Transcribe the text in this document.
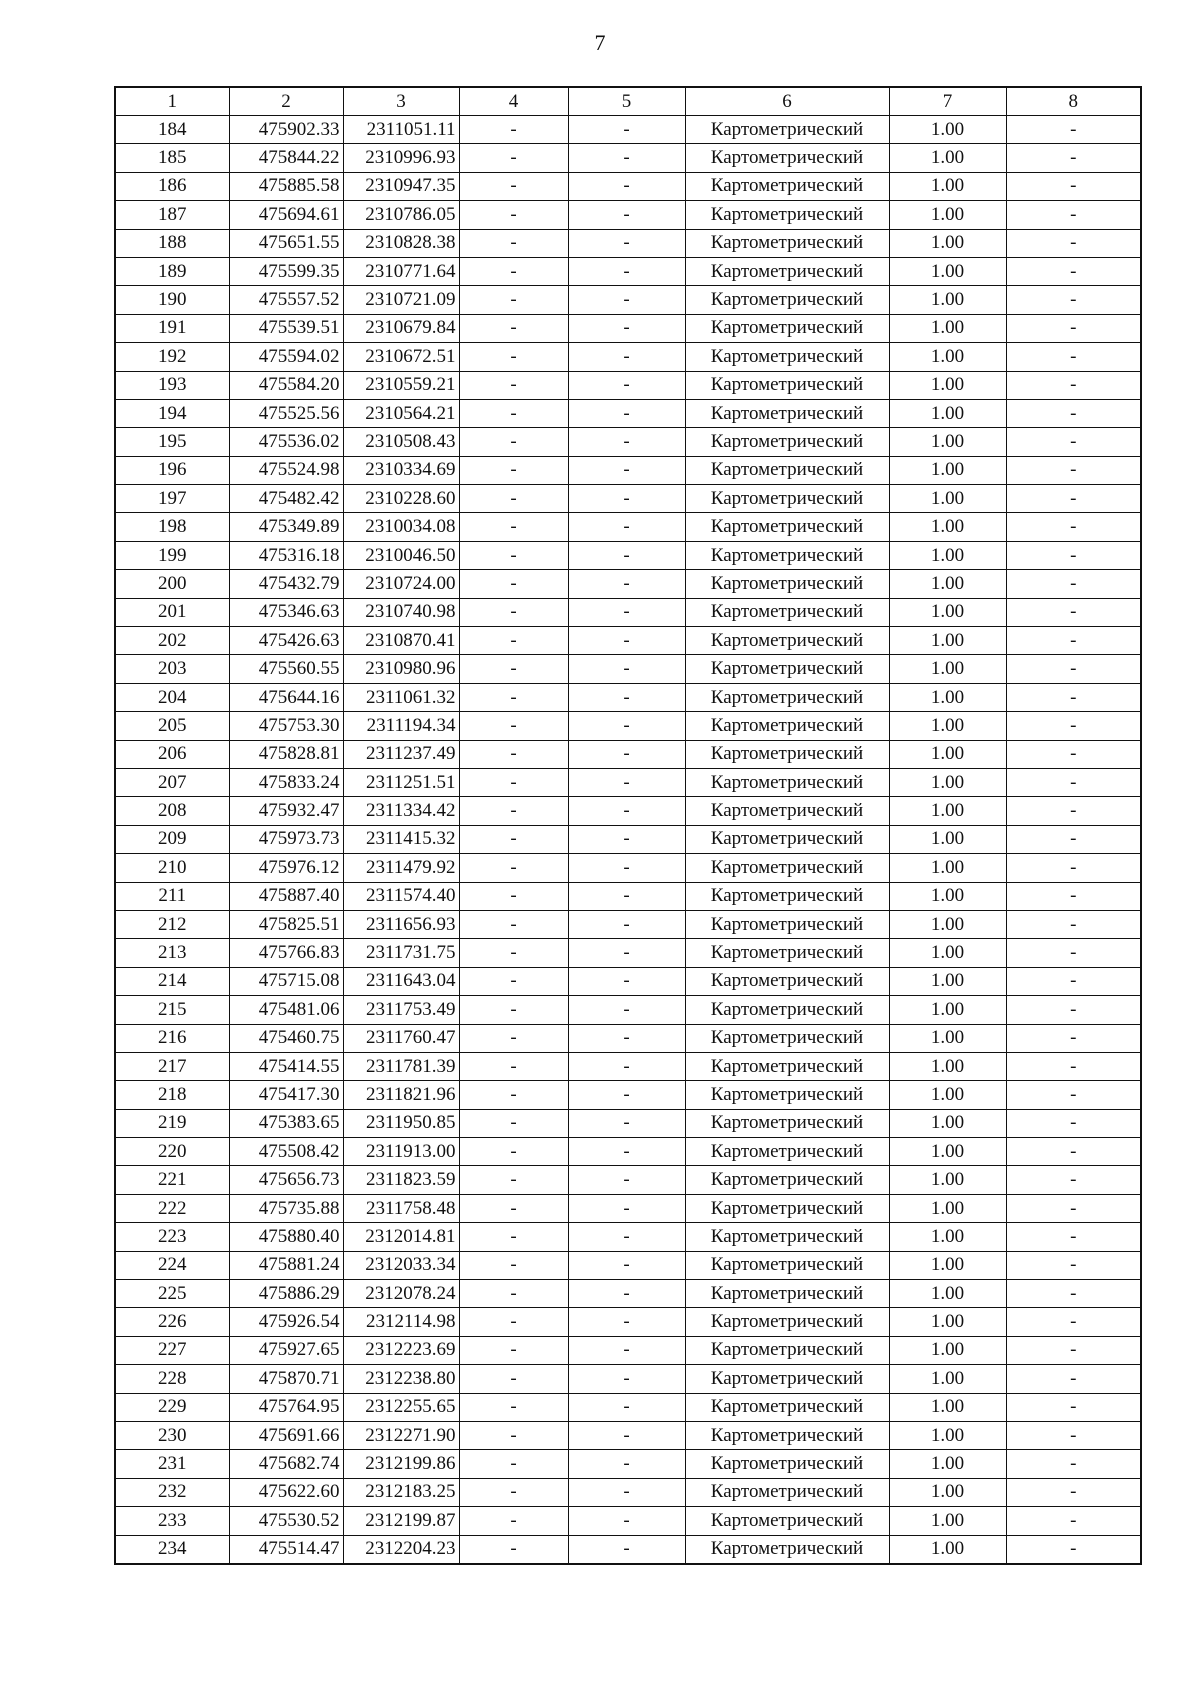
7
1	2	3	4	5	6	7	8
184	475902.33	2311051.11	-	-	Картометрический	1.00	-
185	475844.22	2310996.93	-	-	Картометрический	1.00	-
186	475885.58	2310947.35	-	-	Картометрический	1.00	-
187	475694.61	2310786.05	-	-	Картометрический	1.00	-
188	475651.55	2310828.38	-	-	Картометрический	1.00	-
189	475599.35	2310771.64	-	-	Картометрический	1.00	-
190	475557.52	2310721.09	-	-	Картометрический	1.00	-
191	475539.51	2310679.84	-	-	Картометрический	1.00	-
192	475594.02	2310672.51	-	-	Картометрический	1.00	-
193	475584.20	2310559.21	-	-	Картометрический	1.00	-
194	475525.56	2310564.21	-	-	Картометрический	1.00	-
195	475536.02	2310508.43	-	-	Картометрический	1.00	-
196	475524.98	2310334.69	-	-	Картометрический	1.00	-
197	475482.42	2310228.60	-	-	Картометрический	1.00	-
198	475349.89	2310034.08	-	-	Картометрический	1.00	-
199	475316.18	2310046.50	-	-	Картометрический	1.00	-
200	475432.79	2310724.00	-	-	Картометрический	1.00	-
201	475346.63	2310740.98	-	-	Картометрический	1.00	-
202	475426.63	2310870.41	-	-	Картометрический	1.00	-
203	475560.55	2310980.96	-	-	Картометрический	1.00	-
204	475644.16	2311061.32	-	-	Картометрический	1.00	-
205	475753.30	2311194.34	-	-	Картометрический	1.00	-
206	475828.81	2311237.49	-	-	Картометрический	1.00	-
207	475833.24	2311251.51	-	-	Картометрический	1.00	-
208	475932.47	2311334.42	-	-	Картометрический	1.00	-
209	475973.73	2311415.32	-	-	Картометрический	1.00	-
210	475976.12	2311479.92	-	-	Картометрический	1.00	-
211	475887.40	2311574.40	-	-	Картометрический	1.00	-
212	475825.51	2311656.93	-	-	Картометрический	1.00	-
213	475766.83	2311731.75	-	-	Картометрический	1.00	-
214	475715.08	2311643.04	-	-	Картометрический	1.00	-
215	475481.06	2311753.49	-	-	Картометрический	1.00	-
216	475460.75	2311760.47	-	-	Картометрический	1.00	-
217	475414.55	2311781.39	-	-	Картометрический	1.00	-
218	475417.30	2311821.96	-	-	Картометрический	1.00	-
219	475383.65	2311950.85	-	-	Картометрический	1.00	-
220	475508.42	2311913.00	-	-	Картометрический	1.00	-
221	475656.73	2311823.59	-	-	Картометрический	1.00	-
222	475735.88	2311758.48	-	-	Картометрический	1.00	-
223	475880.40	2312014.81	-	-	Картометрический	1.00	-
224	475881.24	2312033.34	-	-	Картометрический	1.00	-
225	475886.29	2312078.24	-	-	Картометрический	1.00	-
226	475926.54	2312114.98	-	-	Картометрический	1.00	-
227	475927.65	2312223.69	-	-	Картометрический	1.00	-
228	475870.71	2312238.80	-	-	Картометрический	1.00	-
229	475764.95	2312255.65	-	-	Картометрический	1.00	-
230	475691.66	2312271.90	-	-	Картометрический	1.00	-
231	475682.74	2312199.86	-	-	Картометрический	1.00	-
232	475622.60	2312183.25	-	-	Картометрический	1.00	-
233	475530.52	2312199.87	-	-	Картометрический	1.00	-
234	475514.47	2312204.23	-	-	Картометрический	1.00	-
